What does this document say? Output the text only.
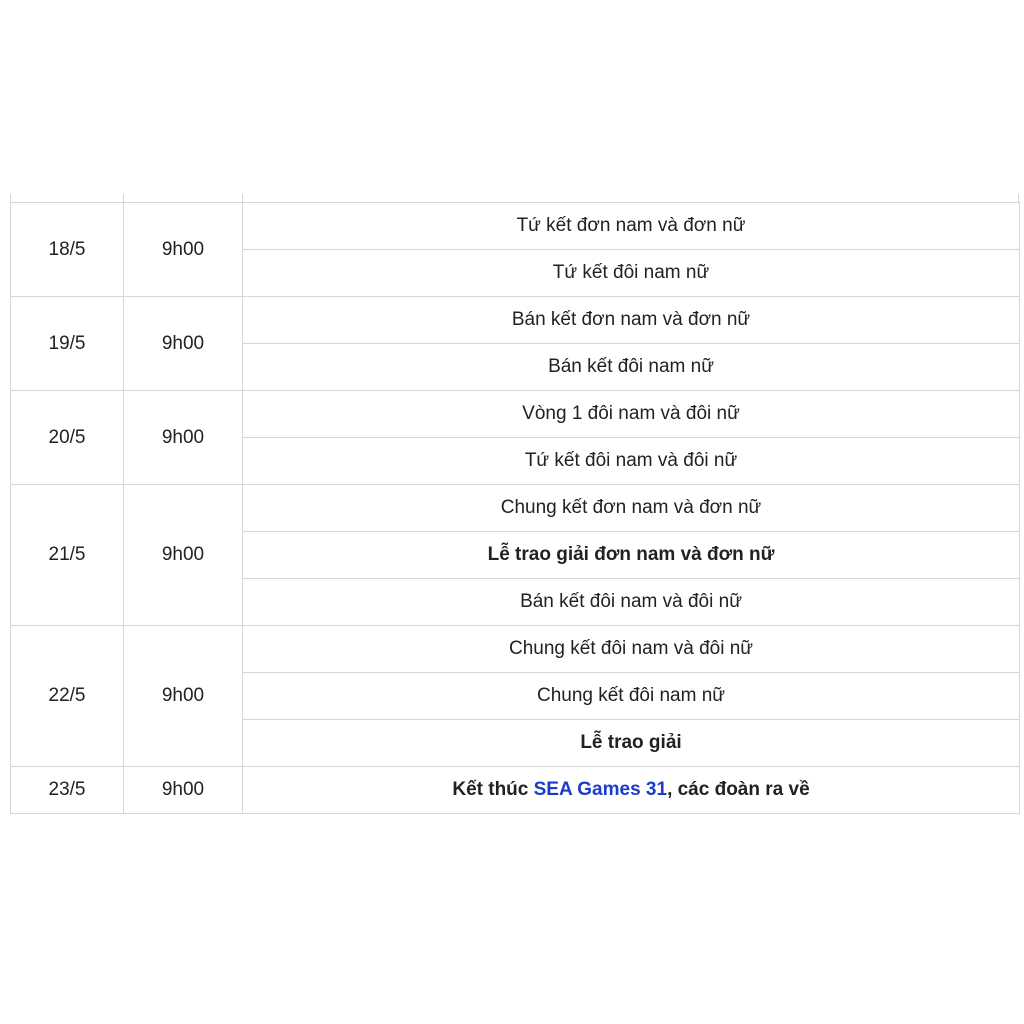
18/5	9h00	Tứ kết đơn nam và đơn nữ
		Tứ kết đôi nam nữ
19/5	9h00	Bán kết đơn nam và đơn nữ
		Bán kết đôi nam nữ
20/5	9h00	Vòng 1 đôi nam và đôi nữ
		Tứ kết đôi nam và đôi nữ
21/5	9h00	Chung kết đơn nam và đơn nữ
		Lễ trao giải đơn nam và đơn nữ
		Bán kết đôi nam và đôi nữ
22/5	9h00	Chung kết đôi nam và đôi nữ
		Chung kết đôi nam nữ
		Lễ trao giải
23/5	9h00	Kết thúc SEA Games 31, các đoàn ra về
